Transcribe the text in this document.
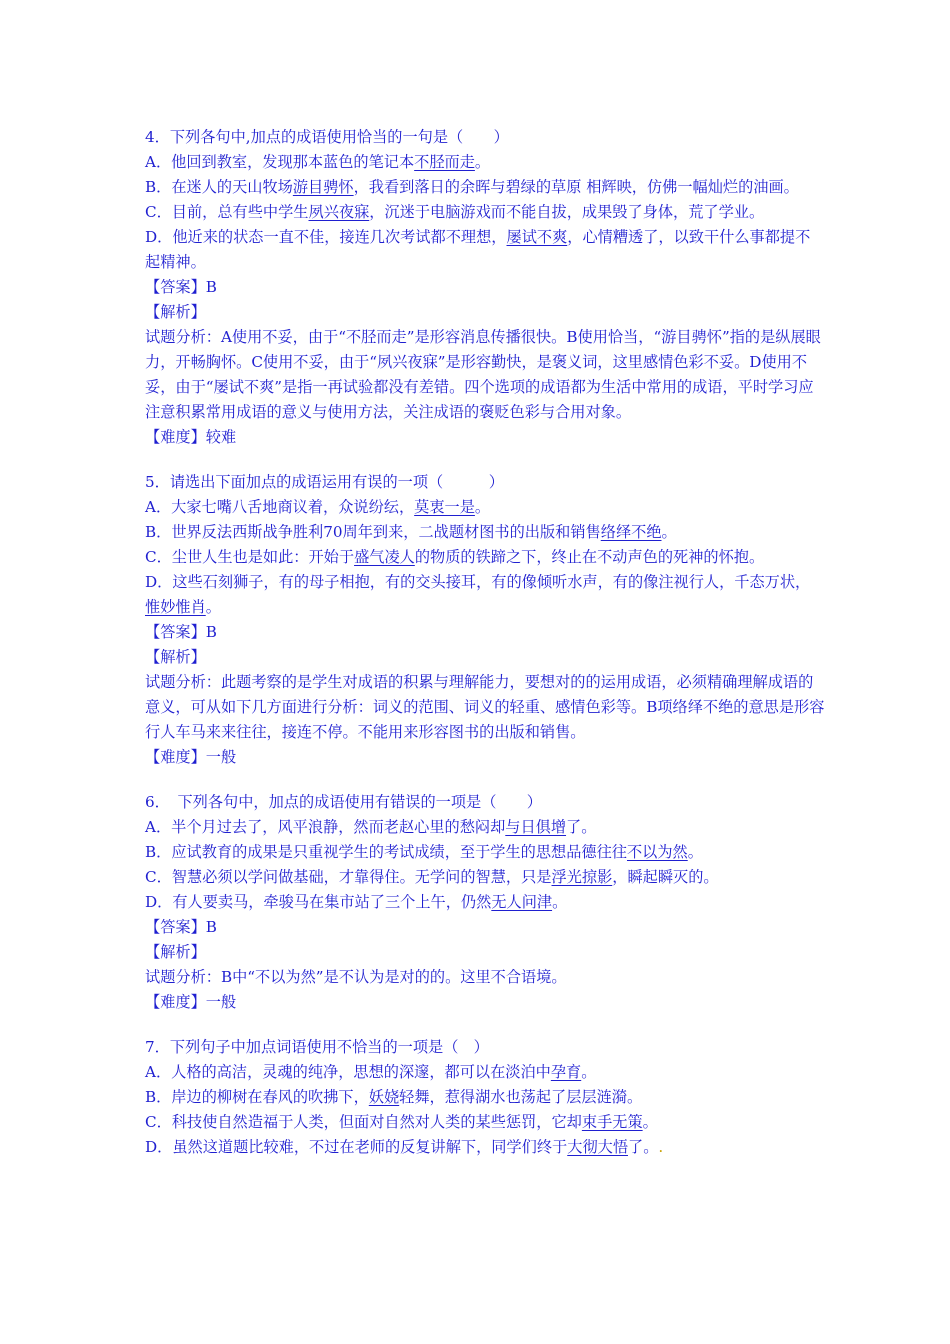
4．下列各句中,加点的成语使用恰当的一句是（　　）
A．他回到教室，发现那本蓝色的笔记本不胫而走。
B．在迷人的天山牧场游目骋怀，我看到落日的余晖与碧绿的草原 相辉映，仿佛一幅灿烂的油画。
C．目前，总有些中学生夙兴夜寐，沉迷于电脑游戏而不能自拔，成果毁了身体，荒了学业。
D．他近来的状态一直不佳，接连几次考试都不理想，屡试不爽，心情糟透了，以致干什么事都提不起精神。
【答案】B
【解析】
试题分析：A使用不妥，由于“不胫而走”是形容消息传播很快。B使用恰当，“游目骋怀”指的是纵展眼力，开畅胸怀。C使用不妥，由于“夙兴夜寐”是形容勤快，是褒义词，这里感情色彩不妥。D使用不妥，由于“屡试不爽”是指一再试验都没有差错。四个选项的成语都为生活中常用的成语，平时学习应注意积累常用成语的意义与使用方法，关注成语的褒贬色彩与合用对象。
【难度】较难
5．请选出下面加点的成语运用有误的一项（　　　）
A．大家七嘴八舌地商议着，众说纷纭，莫衷一是。
B．世界反法西斯战争胜利70周年到来，二战题材图书的出版和销售络绎不绝。
C．尘世人生也是如此：开始于盛气凌人的物质的铁蹄之下，终止在不动声色的死神的怀抱。
D．这些石刻狮子，有的母子相抱，有的交头接耳，有的像倾听水声，有的像注视行人，千态万状，惟妙惟肖。
【答案】B
【解析】
试题分析：此题考察的是学生对成语的积累与理解能力，要想对的的运用成语，必须精确理解成语的意义，可从如下几方面进行分析：词义的范围、词义的轻重、感情色彩等。B项络绎不绝的意思是形容行人车马来来往往，接连不停。不能用来形容图书的出版和销售。
【难度】一般
6．　下列各句中，加点的成语使用有错误的一项是（　　）
A．半个月过去了，风平浪静，然而老赵心里的愁闷却与日俱增了。
B．应试教育的成果是只重视学生的考试成绩，至于学生的思想品德往往不以为然。
C．智慧必须以学问做基础，才靠得住。无学问的智慧，只是浮光掠影，瞬起瞬灭的。
D．有人要卖马，牵骏马在集市站了三个上午，仍然无人问津。
【答案】B
【解析】
试题分析：B中“不以为然”是不认为是对的的。这里不合语境。
【难度】一般
7．下列句子中加点词语使用不恰当的一项是（　）
A．人格的高洁，灵魂的纯净，思想的深邃，都可以在淡泊中孕育。
B．岸边的柳树在春风的吹拂下，妖娆轻舞，惹得湖水也荡起了层层涟漪。
C．科技使自然造福于人类，但面对自然对人类的某些惩罚，它却束手无策。
D．虽然这道题比较难，不过在老师的反复讲解下，同学们终于大彻大悟了。.
